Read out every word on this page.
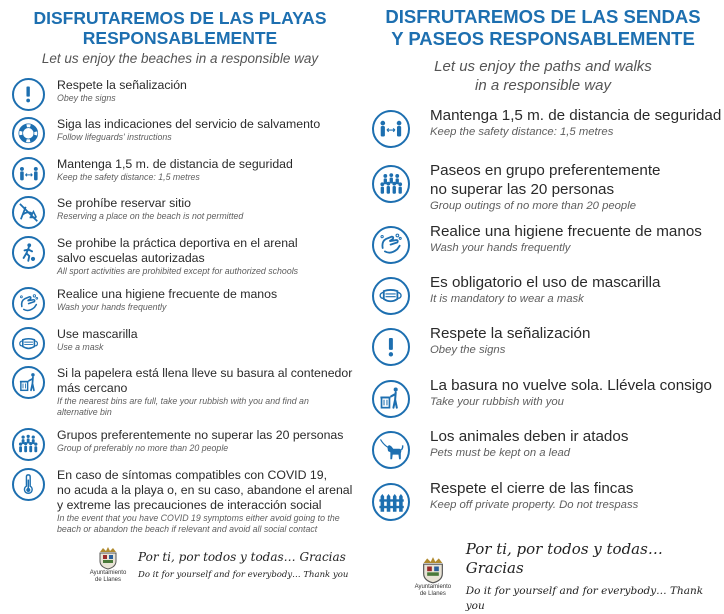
DISFRUTAREMOS DE LAS PLAYAS
RESPONSABLEMENTE

Let us enjoy the beaches in a responsible way

Respete la señalización
Obey the signs
Siga las indicaciones del servicio de salvamento
Follow lifeguards' instructions
Mantenga 1,5 m. de distancia de seguridad
Keep the safety distance: 1,5 metres
Se prohíbe reservar sitio
Reserving a place on the beach is not permitted
Se prohibe la práctica deportiva en el arenal
salvo escuelas autorizadas
All sport activities are prohibited except for authorized schools
Realice una higiene frecuente de manos
Wash your hands frequently
Use mascarilla
Use a mask
Si la papelera está llena lleve su basura al contenedor
más cercano
If the nearest bins are full, take your rubbish with you and find an
alternative bin
Grupos preferentemente no superar las 20 personas
Group of preferably no more than 20 people
En caso de síntomas compatibles con COVID 19,
no acuda a la playa o, en su caso, abandone el arenal
y extreme las precauciones de interacción social
In the event that you have COVID 19 symptoms either avoid going to the
beach or abandon the beach if relevant and avoid all social contact
Ayuntamiento
de Llanes
Por ti, por todos y todas… Gracias
Do it for yourself and for everybody… Thank you

DISFRUTAREMOS DE LAS SENDAS
Y PASEOS RESPONSABLEMENTE

Let us enjoy the paths and walks
in a responsible way

Mantenga 1,5 m. de distancia de seguridad
Keep the safety distance: 1,5 metres
Paseos en grupo preferentemente
no superar las 20 personas
Group outings of no more than 20 people
Realice una higiene frecuente de manos
Wash your hands frequently
Es obligatorio el uso de mascarilla
It is mandatory to wear a mask
Respete la señalización
Obey the signs
La basura no vuelve sola. Llévela consigo
Take your rubbish with you
Los animales deben ir atados
Pets must be kept on a lead
Respete el cierre de las fincas
Keep off private property. Do not trespass
Ayuntamiento
de Llanes
Por ti, por todos y todas… Gracias
Do it for yourself and for everybody… Thank you
